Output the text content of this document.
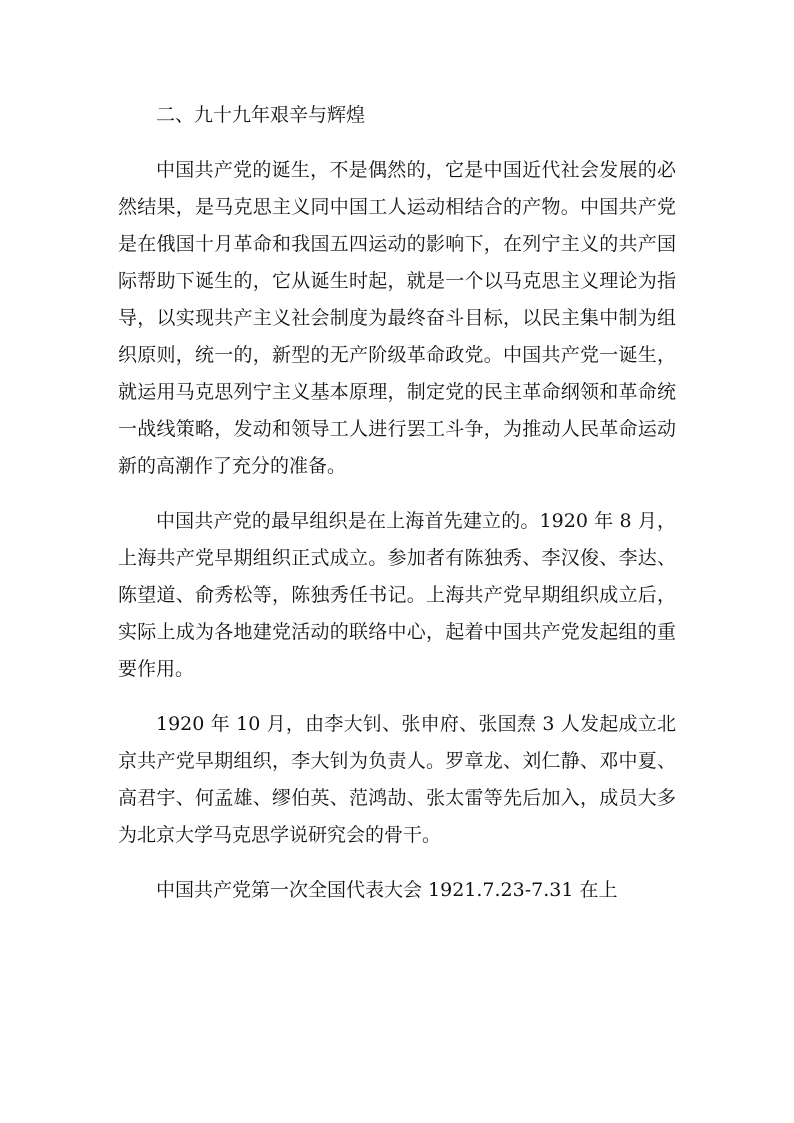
二、九十九年艰辛与辉煌

中国共产党的诞生，不是偶然的，它是中国近代社会发展的必然结果，是马克思主义同中国工人运动相结合的产物。中国共产党是在俄国十月革命和我国五四运动的影响下，在列宁主义的共产国际帮助下诞生的，它从诞生时起，就是一个以马克思主义理论为指导，以实现共产主义社会制度为最终奋斗目标，以民主集中制为组织原则，统一的，新型的无产阶级革命政党。中国共产党一诞生，就运用马克思列宁主义基本原理，制定党的民主革命纲领和革命统一战线策略，发动和领导工人进行罢工斗争，为推动人民革命运动新的高潮作了充分的准备。

中国共产党的最早组织是在上海首先建立的。1920 年 8 月，上海共产党早期组织正式成立。参加者有陈独秀、李汉俊、李达、陈望道、俞秀松等，陈独秀任书记。上海共产党早期组织成立后，实际上成为各地建党活动的联络中心，起着中国共产党发起组的重要作用。

1920 年 10 月，由李大钊、张申府、张国焘 3 人发起成立北京共产党早期组织，李大钊为负责人。罗章龙、刘仁静、邓中夏、高君宇、何孟雄、缪伯英、范鸿劼、张太雷等先后加入，成员大多为北京大学马克思学说研究会的骨干。

中国共产党第一次全国代表大会 1921.7.23-7.31 在上
